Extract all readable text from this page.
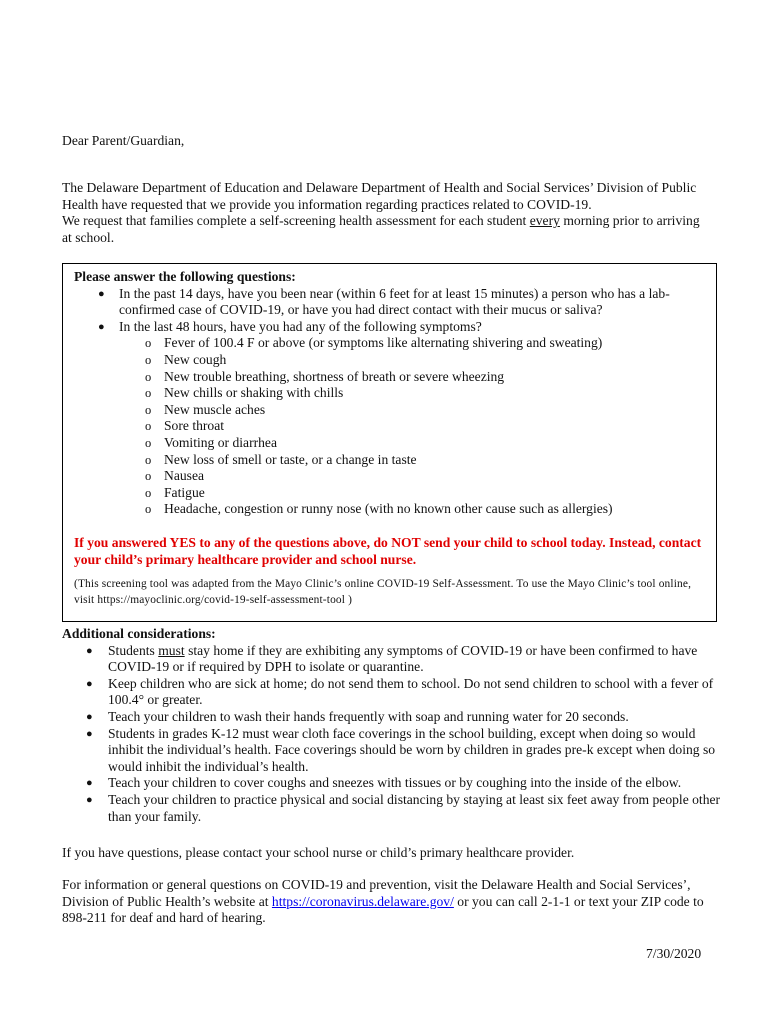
Dear Parent/Guardian,

The Delaware Department of Education and Delaware Department of Health and Social Services’ Division of Public Health have requested that we provide you information regarding practices related to COVID-19.

We request that families complete a self-screening health assessment for each student every morning prior to arriving at school.

Please answer the following questions:
● In the past 14 days, have you been near (within 6 feet for at least 15 minutes) a person who has a lab-confirmed case of COVID-19, or have you had direct contact with their mucus or saliva?
● In the last 48 hours, have you had any of the following symptoms?
o Fever of 100.4 F or above (or symptoms like alternating shivering and sweating)
o New cough
o New trouble breathing, shortness of breath or severe wheezing
o New chills or shaking with chills
o New muscle aches
o Sore throat
o Vomiting or diarrhea
o New loss of smell or taste, or a change in taste
o Nausea
o Fatigue
o Headache, congestion or runny nose (with no known other cause such as allergies)
If you answered YES to any of the questions above, do NOT send your child to school today. Instead, contact your child’s primary healthcare provider and school nurse.
(This screening tool was adapted from the Mayo Clinic’s online COVID-19 Self-Assessment. To use the Mayo Clinic’s tool online, visit https://mayoclinic.org/covid-19-self-assessment-tool )
Additional considerations:
● Students must stay home if they are exhibiting any symptoms of COVID-19 or have been confirmed to have COVID-19 or if required by DPH to isolate or quarantine.
● Keep children who are sick at home; do not send them to school. Do not send children to school with a fever of 100.4° or greater.
● Teach your children to wash their hands frequently with soap and running water for 20 seconds.
● Students in grades K-12 must wear cloth face coverings in the school building, except when doing so would inhibit the individual’s health. Face coverings should be worn by children in grades pre-k except when doing so would inhibit the individual’s health.
● Teach your children to cover coughs and sneezes with tissues or by coughing into the inside of the elbow.
● Teach your children to practice physical and social distancing by staying at least six feet away from people other than your family.
If you have questions, please contact your school nurse or child’s primary healthcare provider.

For information or general questions on COVID-19 and prevention, visit the Delaware Health and Social Services’, Division of Public Health’s website at https://coronavirus.delaware.gov/ or you can call 2-1-1 or text your ZIP code to 898-211 for deaf and hard of hearing.

7/30/2020
